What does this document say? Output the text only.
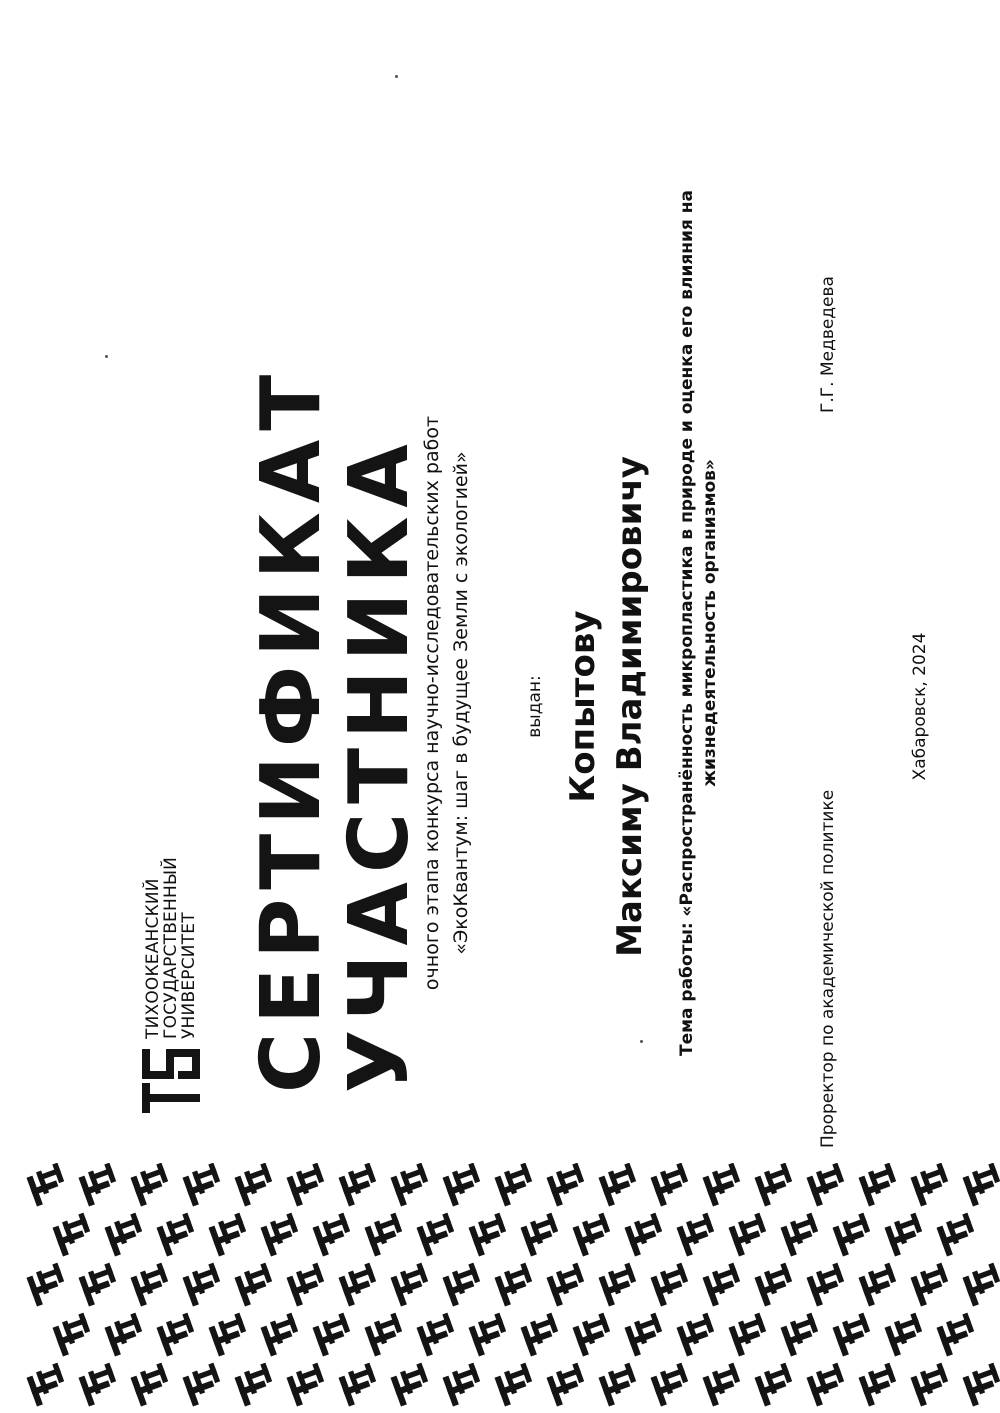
ТИХООКЕАНСКИЙ
ГОСУДАРСТВЕННЫЙ
УНИВЕРСИТЕТ СЕРТИФИКАТ
УЧАСТНИКА
очного этапа конкурса научно-исследовательских работ «ЭкоКвантум: шаг в будущее Земли с экологией»	выдан: Копытову Максиму Владимировичу
Тема работы: «Распространённость микропластика в природе и оценка его влияния на жизнедеятельность организмов»
Проректор по академической политике
Г.Г. Медведева
Хабаровск, 2024
